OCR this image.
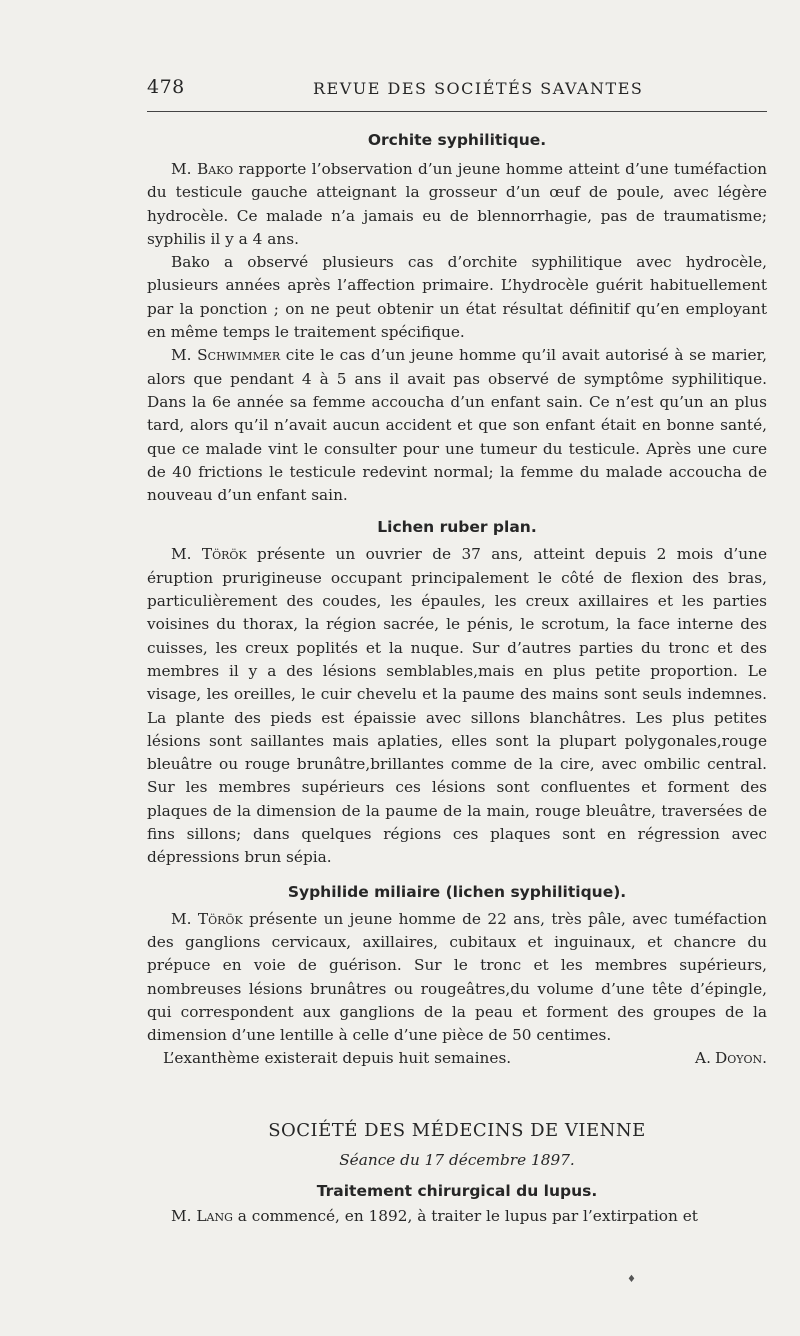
478	REVUE DES SOCIÉTÉS SAVANTES
Orchite syphilitique.

M. Bako rapporte l’observation d’un jeune homme atteint d’une tuméfaction du testicule gauche atteignant la grosseur d’un œuf de poule, avec légère hydrocèle. Ce malade n’a jamais eu de blennorrhagie, pas de traumatisme; syphilis il y a 4 ans.

Bako a observé plusieurs cas d’orchite syphilitique avec hydrocèle, plusieurs années après l’affection primaire. L’hydrocèle guérit habituellement par la ponction ; on ne peut obtenir un état résultat définitif qu’en employant en même temps le traitement spécifique.

M. Schwimmer cite le cas d’un jeune homme qu’il avait autorisé à se marier, alors que pendant 4 à 5 ans il avait pas observé de symptôme syphilitique. Dans la 6e année sa femme accoucha d’un enfant sain. Ce n’est qu’un an plus tard, alors qu’il n’avait aucun accident et que son enfant était en bonne santé, que ce malade vint le consulter pour une tumeur du testicule. Après une cure de 40 frictions le testicule redevint normal; la femme du malade accoucha de nouveau d’un enfant sain.

Lichen ruber plan.

M. Török présente un ouvrier de 37 ans, atteint depuis 2 mois d’une éruption prurigineuse occupant principalement le côté de flexion des bras, particulièrement des coudes, les épaules, les creux axillaires et les parties voisines du thorax, la région sacrée, le pénis, le scrotum, la face interne des cuisses, les creux poplités et la nuque. Sur d’autres parties du tronc et des membres il y a des lésions semblables,mais en plus petite proportion. Le visage, les oreilles, le cuir chevelu et la paume des mains sont seuls indemnes. La plante des pieds est épaissie avec sillons blanchâtres. Les plus petites lésions sont saillantes mais aplaties, elles sont la plupart polygonales,rouge bleuâtre ou rouge brunâtre,brillantes comme de la cire, avec ombilic central. Sur les membres supérieurs ces lésions sont confluentes et forment des plaques de la dimension de la paume de la main, rouge bleuâtre, traversées de fins sillons; dans quelques régions ces plaques sont en régression avec dépressions brun sépia.

Syphilide miliaire (lichen syphilitique).

M. Török présente un jeune homme de 22 ans, très pâle, avec tuméfaction des ganglions cervicaux, axillaires, cubitaux et inguinaux, et chancre du prépuce en voie de guérison. Sur le tronc et les membres supérieurs, nombreuses lésions brunâtres ou rougeâtres,du volume d’une tête d’épingle, qui correspondent aux ganglions de la peau et forment des groupes de la dimension d’une lentille à celle d’une pièce de 50 centimes.

L’exanthème existerait depuis huit semaines.	A. Doyon.
SOCIÉTÉ DES MÉDECINS DE VIENNE
Séance du 17 décembre 1897.
Traitement chirurgical du lupus.

M. Lang a commencé, en 1892, à traiter le lupus par l’extirpation et

♦
